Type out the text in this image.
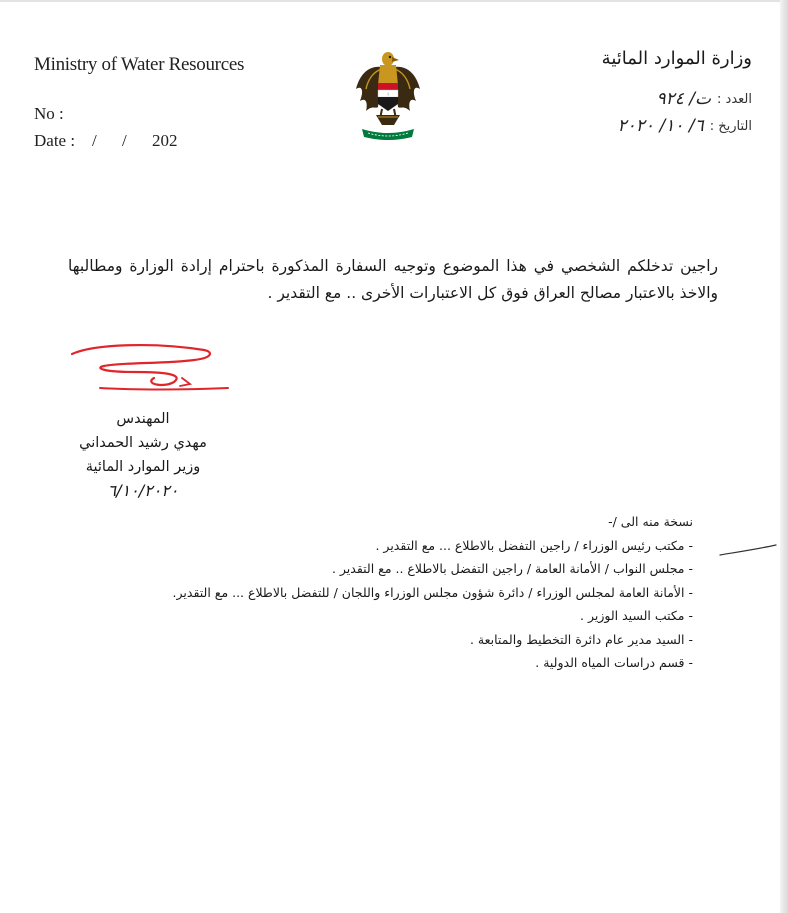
Ministry of Water Resources
No :
Date : / / 202
ا
وزارة الموارد المائية
العدد :
ت/ ٩٢٤
التاريخ :
٦/ ١٠/ ٢٠٢٠
راجين تدخلكم الشخصي في هذا الموضوع وتوجيه السفارة المذكورة باحترام إرادة الوزارة ومطالبها والاخذ بالاعتبار مصالح العراق فوق كل الاعتبارات الأخرى .. مع التقدير .
المهندس
مهدي رشيد الحمداني
وزير الموارد المائية
٦/١٠/٢٠٢٠
نسخة منه الى /-
- مكتب رئيس الوزراء / راجين التفضل بالاطلاع ... مع التقدير .
- مجلس النواب / الأمانة العامة / راجين التفضل بالاطلاع .. مع التقدير .
- الأمانة العامة لمجلس الوزراء / دائرة شؤون مجلس الوزراء واللجان / للتفضل بالاطلاع ... مع التقدير.
- مكتب السيد الوزير .
- السيد مدير عام دائرة التخطيط والمتابعة .
- قسم دراسات المياه الدولية .
